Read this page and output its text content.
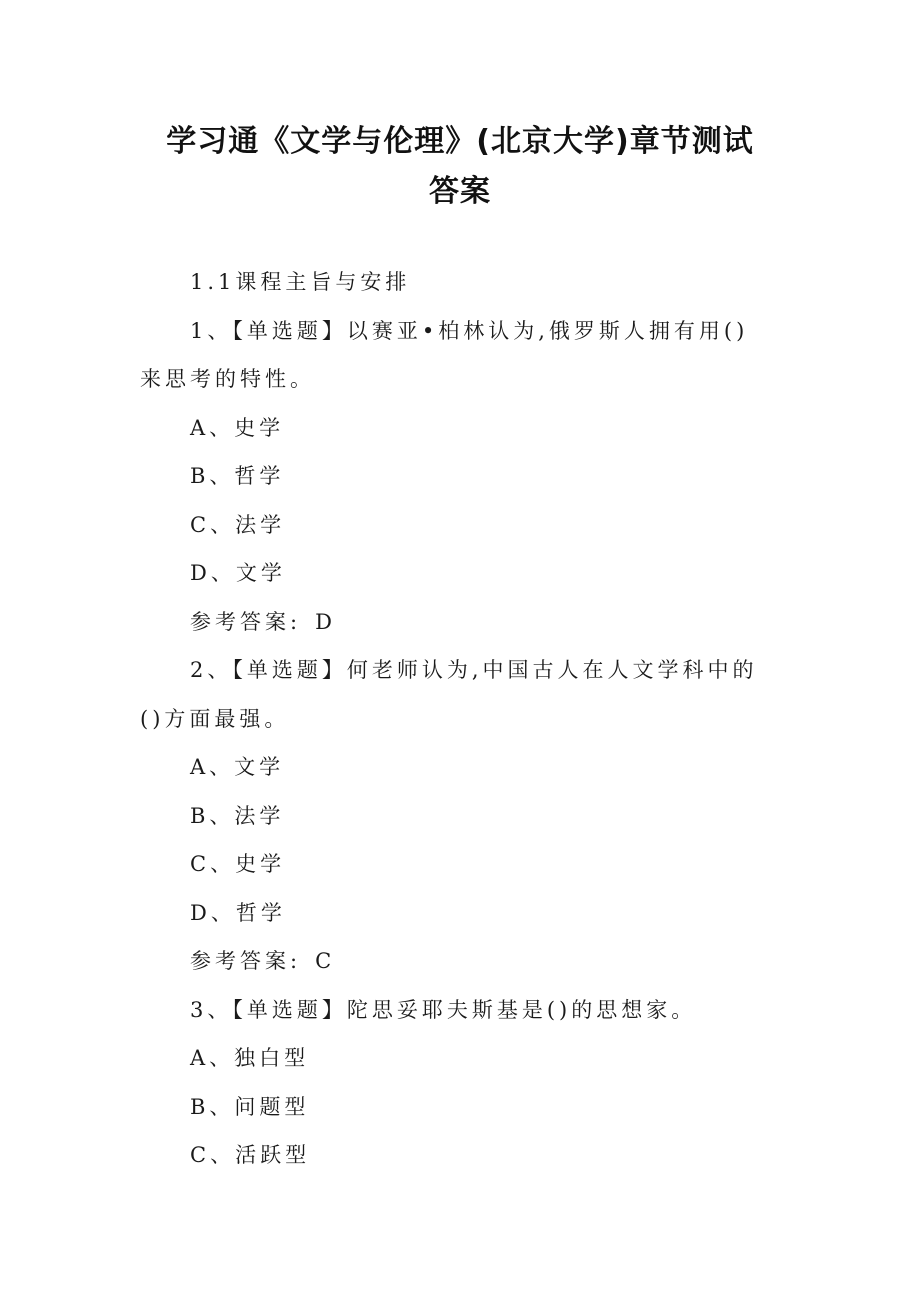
学习通《文学与伦理》(北京大学)章节测试
答案
1.1课程主旨与安排
1、【单选题】以赛亚•柏林认为,俄罗斯人拥有用()
来思考的特性。
A、史学
B、哲学
C、法学
D、文学
参考答案: D
2、【单选题】何老师认为,中国古人在人文学科中的
()方面最强。
A、文学
B、法学
C、史学
D、哲学
参考答案: C
3、【单选题】陀思妥耶夫斯基是()的思想家。
A、独白型
B、问题型
C、活跃型
